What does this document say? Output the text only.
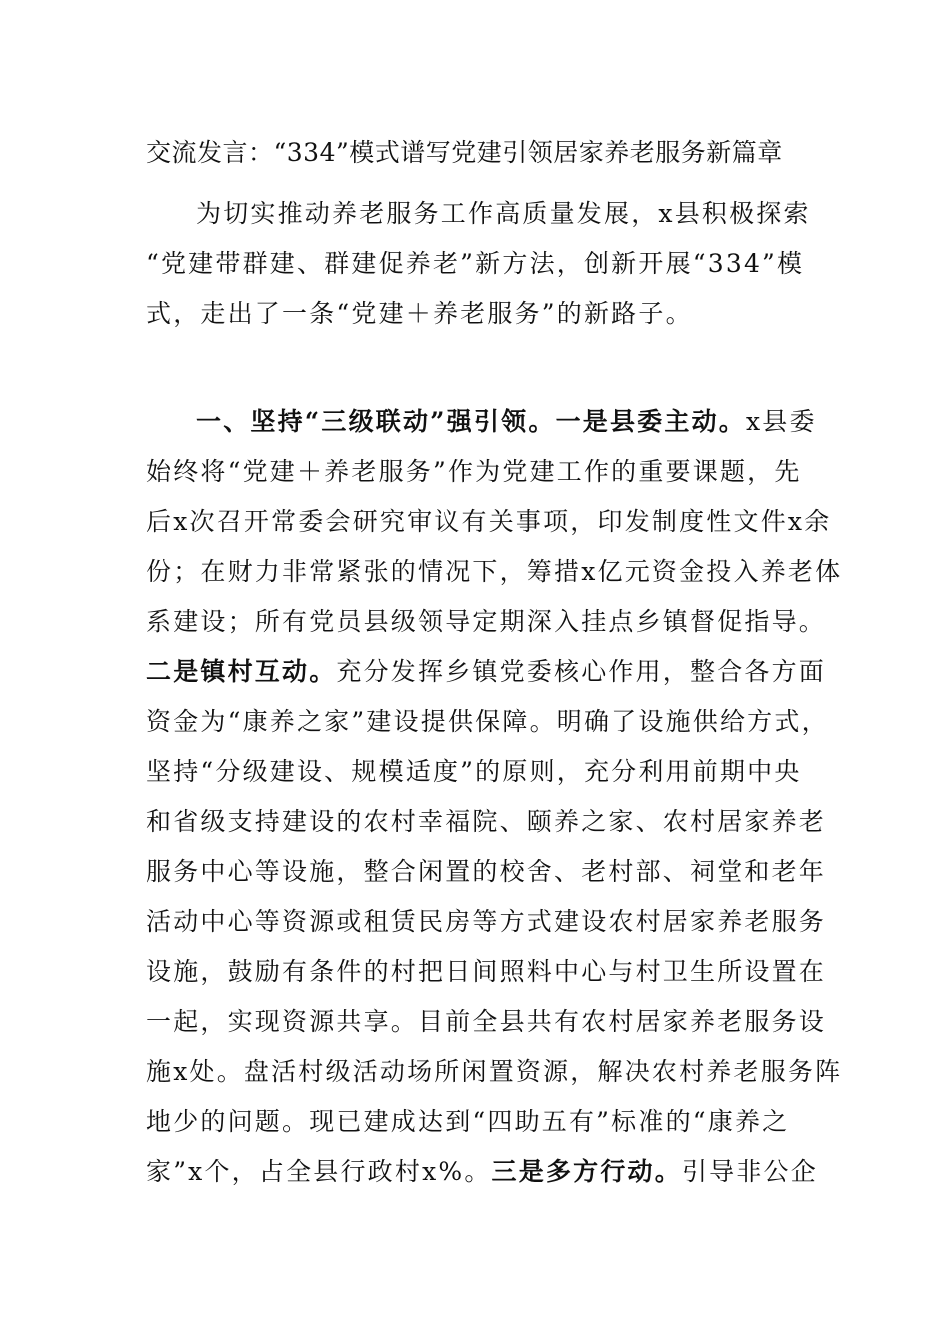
交流发言：“334”模式谱写党建引领居家养老服务新篇章
为切实推动养老服务工作高质量发展，x县积极探索
“党建带群建、群建促养老”新方法，创新开展“334”模
式，走出了一条“党建＋养老服务”的新路子。
一、坚持“三级联动”强引领。一是县委主动。x县委
始终将“党建＋养老服务”作为党建工作的重要课题，先
后x次召开常委会研究审议有关事项，印发制度性文件x余
份；在财力非常紧张的情况下，筹措x亿元资金投入养老体
系建设；所有党员县级领导定期深入挂点乡镇督促指导。
二是镇村互动。充分发挥乡镇党委核心作用，整合各方面
资金为“康养之家”建设提供保障。明确了设施供给方式，
坚持“分级建设、规模适度”的原则，充分利用前期中央
和省级支持建设的农村幸福院、颐养之家、农村居家养老
服务中心等设施，整合闲置的校舍、老村部、祠堂和老年
活动中心等资源或租赁民房等方式建设农村居家养老服务
设施，鼓励有条件的村把日间照料中心与村卫生所设置在
一起，实现资源共享。目前全县共有农村居家养老服务设
施x处。盘活村级活动场所闲置资源，解决农村养老服务阵
地少的问题。现已建成达到“四助五有”标准的“康养之
家”x个，占全县行政村x%。三是多方行动。引导非公企
